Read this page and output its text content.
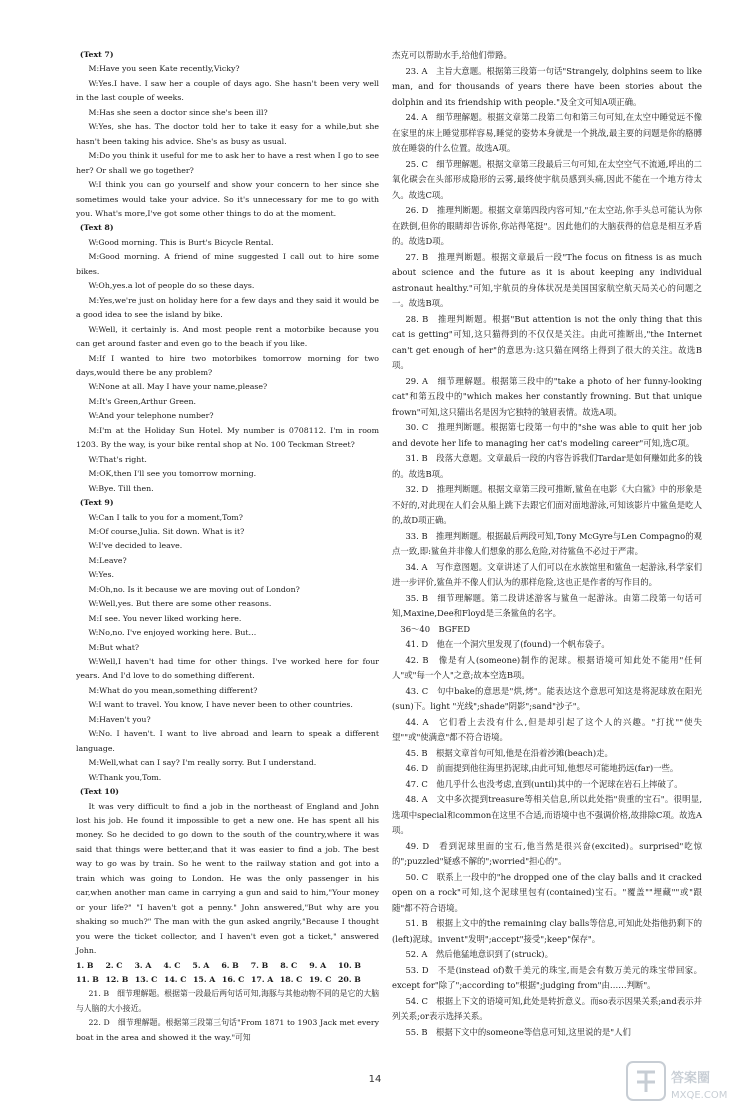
(Text 7)

M:Have you seen Kate recently,Vicky?

W:Yes.I have. I saw her a couple of days ago. She hasn't been very well in the last couple of weeks.

M:Has she seen a doctor since she's been ill?

W:Yes, she has. The doctor told her to take it easy for a while,but she hasn't been taking his advice. She's as busy as usual.

M:Do you think it useful for me to ask her to have a rest when I go to see her? Or shall we go together?

W:I think you can go yourself and show your concern to her since she sometimes would take your advice. So it's unnecessary for me to go with you. What's more,I've got some other things to do at the moment.

(Text 8)

W:Good morning. This is Burt's Bicycle Rental.

M:Good morning. A friend of mine suggested I call out to hire some bikes.

W:Oh,yes.a lot of people do so these days.

M:Yes,we're just on holiday here for a few days and they said it would be a good idea to see the island by bike.

W:Well, it certainly is. And most people rent a motorbike because you can get around faster and even go to the beach if you like.

M:If I wanted to hire two motorbikes tomorrow morning for two days,would there be any problem?

W:None at all. May I have your name,please?

M:It's Green,Arthur Green.

W:And your telephone number?

M:I'm at the Holiday Sun Hotel. My number is 0708112. I'm in room 1203. By the way, is your bike rental shop at No. 100 Teckman Street?

W:That's right.

M:OK,then I'll see you tomorrow morning.

W:Bye. Till then.

(Text 9)

W:Can I talk to you for a moment,Tom?

M:Of course,Julia. Sit down. What is it?

W:I've decided to leave.

M:Leave?

W:Yes.

M:Oh,no. Is it because we are moving out of London?

W:Well,yes. But there are some other reasons.

M:I see. You never liked working here.

W:No,no. I've enjoyed working here. But…

M:But what?

W:Well,I haven't had time for other things. I've worked here for four years. And I'd love to do something different.

M:What do you mean,something different?

W:I want to travel. You know, I have never been to other countries.

M:Haven't you?

W:No. I haven't. I want to live abroad and learn to speak a different language.

M:Well,what can I say? I'm really sorry. But I understand.

W:Thank you,Tom.

(Text 10)

It was very difficult to find a job in the northeast of England and John lost his job. He found it impossible to get a new one. He has spent all his money. So he decided to go down to the south of the country,where it was said that things were better,and that it was easier to find a job. The best way to go was by train. So he went to the railway station and got into a train which was going to London. He was the only passenger in his car,when another man came in carrying a gun and said to him,"Your money or your life?" "I haven't got a penny." John answered,"But why are you shaking so much?" The man with the gun asked angrily,"Because I thought you were the ticket collector, and I haven't even got a ticket," answered John.

1. B 2. C 3. A 4. C 5. A 6. B 7. B 8. C 9. A 10. B
11. B 12. B 13. C 14. C 15. A 16. C 17. A 18. C 19. C 20. B

21. B　细节理解题。根据第一段最后两句话可知,海豚与其他动物不同的是它的大脑与人脑的大小接近。

22. D　细节理解题。根据第三段第三句话"From 1871 to 1903 Jack met every boat in the area and showed it the way."可知

杰克可以帮助水手,给他们带路。

23. A　主旨大意题。根据第三段第一句话"Strangely, dolphins seem to like man, and for thousands of years there have been stories about the dolphin and its friendship with people."及全文可知A项正确。

24. A　细节理解题。根据文章第二段第二句和第三句可知,在太空中睡觉远不像在家里的床上睡觉那样容易,睡觉的姿势本身就是一个挑战,最主要的问题是你的胳膊放在睡袋的什么位置。故选A项。

25. C　细节理解题。根据文章第三段最后三句可知,在太空空气不流通,呼出的二氧化碳会在头部形成隐形的云雾,最终使宇航员感到头痛,因此不能在一个地方待太久。故选C项。

26. D　推理判断题。根据文章第四段内容可知,"在太空站,你手头总可能认为你在跌倒,但你的眼睛却告诉你,你站得笔挺"。因此他们的大脑获得的信息是相互矛盾的。故选D项。

27. B　推理判断题。根据文章最后一段"The focus on fitness is as much about science and the future as it is about keeping any individual astronaut healthy."可知,宇航员的身体状况是美国国家航空航天局关心的问题之一。故选B项。

28. B　推理判断题。根据"But attention is not the only thing that this cat is getting"可知,这只猫得到的不仅仅是关注。由此可推断出,"the Internet can't get enough of her"的意思为:这只猫在网络上得到了很大的关注。故选B项。

29. A　细节理解题。根据第三段中的"take a photo of her funny-looking cat"和第五段中的"which makes her constantly frowning. But that unique frown"可知,这只猫出名是因为它独特的皱眉表情。故选A项。

30. C　推理判断题。根据第七段第一句中的"she was able to quit her job and devote her life to managing her cat's modeling career"可知,选C项。

31. B　段落大意题。文章最后一段的内容告诉我们Tardar是如何赚如此多的钱的。故选B项。

32. D　推理判断题。根据文章第三段可推断,鲨鱼在电影《大白鲨》中的形象是不好的,对此现在人们会从船上跳下去跟它们面对面地游泳,可知该影片中鲨鱼是吃人的,故D项正确。

33. B　推理判断题。根据最后两段可知,Tony McGyre与Len Compagno的观点一致,即:鲨鱼并非像人们想象的那么危险,对待鲨鱼不必过于严肃。

34. A　写作意图题。文章讲述了人们可以在水族馆里和鲨鱼一起游泳,科学家们进一步评价,鲨鱼并不像人们认为的那样危险,这也正是作者的写作目的。

35. B　细节理解题。第二段讲述游客与鲨鱼一起游泳。由第二段第一句话可知,Maxine,Dee和Floyd是三条鲨鱼的名字。

　36～40　BGFED

41. D　他在一个洞穴里发现了(found)一个帆布袋子。

42. B　像是有人(someone)制作的泥球。根据语境可知此处不能用"任何人"或"每一个人"之意;故本空选B项。

43. C　句中bake的意思是"烘,烤"。能表达这个意思可知这是将泥球放在阳光(sun)下。light "光线";shade"阴影";sand"沙子"。

44. A　它们看上去没有什么,但是却引起了这个人的兴趣。"打扰""使失望""或"使满意"都不符合语境。

45. B　根据文章首句可知,他是在沿着沙滩(beach)走。

46. D　前面提到他往海里扔泥球,由此可知,他想尽可能地扔远(far)一些。

47. C　他几乎什么也没考虑,直到(until)其中的一个泥球在岩石上摔破了。

48. A　文中多次提到treasure等相关信息,所以此处指"贵重的宝石"。很明显,选项中special和common在这里不合适,而语境中也不强调价格,故排除C项。故选A项。

49. D　看到泥球里面的宝石,他当然是很兴奋(excited)。surprised"吃惊的";puzzled"疑惑不解的";worried"担心的"。

50. C　联系上一段中的"he dropped one of the clay balls and it cracked open on a rock"可知,这个泥球里包有(contained)宝石。"覆盖""埋藏""或"跟随"都不符合语境。

51. B　根据上文中的the remaining clay balls等信息,可知此处指他扔剩下的(left)泥球。invent"发明";accept"接受";keep"保存"。

52. A　然后他猛地意识到了(struck)。

53. D　不是(instead of)数千美元的珠宝,而是会有数万美元的珠宝带回家。except for"除了";according to"根据";judging from"由……判断"。

54. C　根据上下文的语境可知,此处是转折意义。而so表示因果关系;and表示并列关系;or表示选择关系。

55. B　根据下文中的someone等信息可知,这里说的是"人们

14	答案圈
MXQE.COM
